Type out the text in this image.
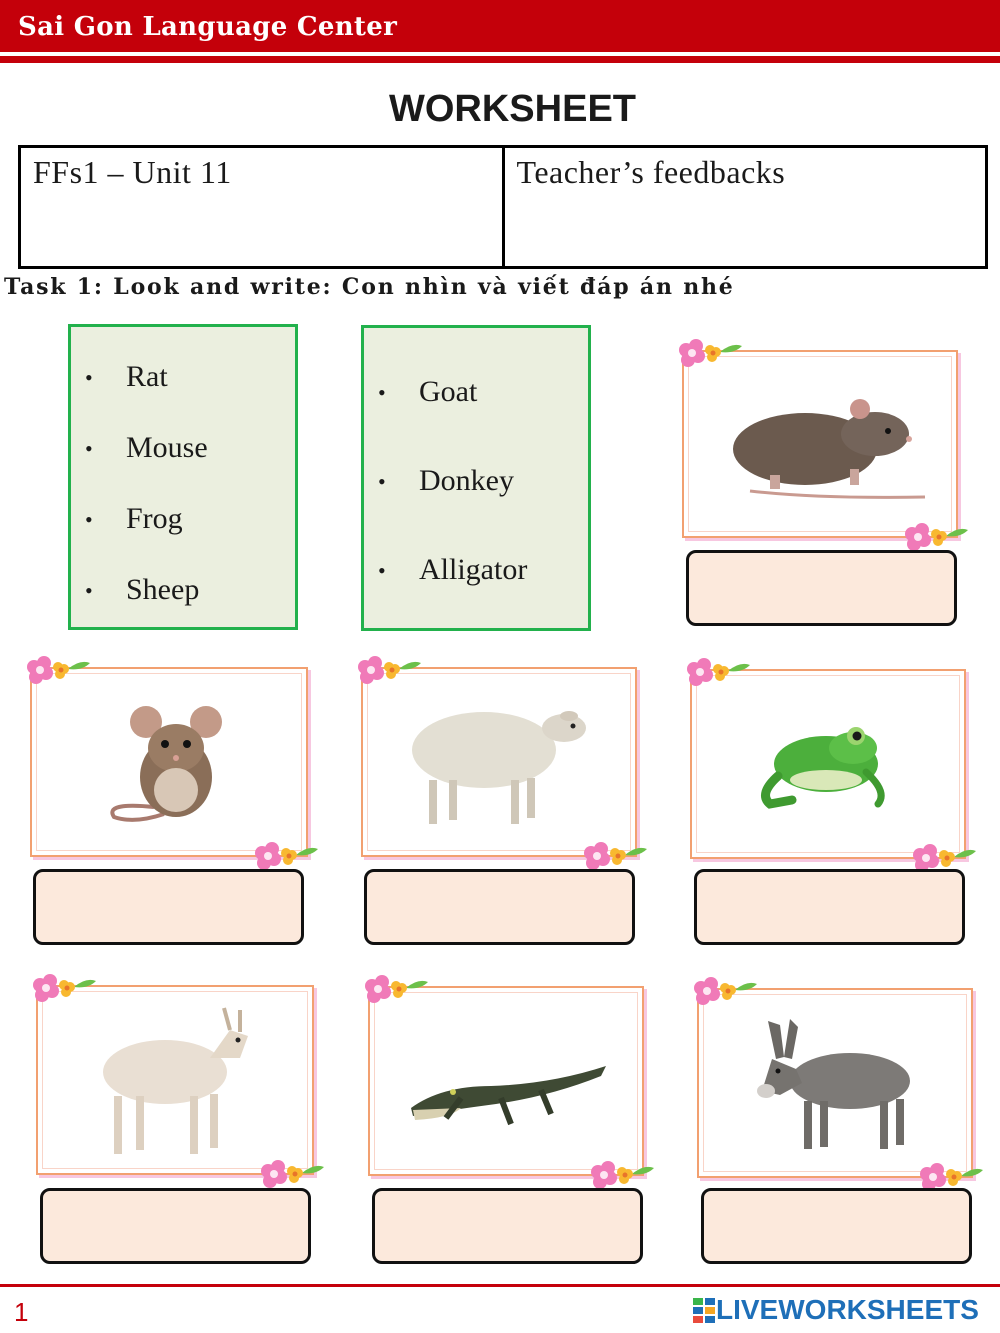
Sai Gon Language Center
WORKSHEET
FFs1 – Unit 11	Teacher’s feedbacks
Task 1: Look and write: Con nhìn và viết đáp án nhé
• Rat
• Mouse
• Frog
• Sheep
• Goat
• Donkey
• Alligator
1	LIVEWORKSHEETS
